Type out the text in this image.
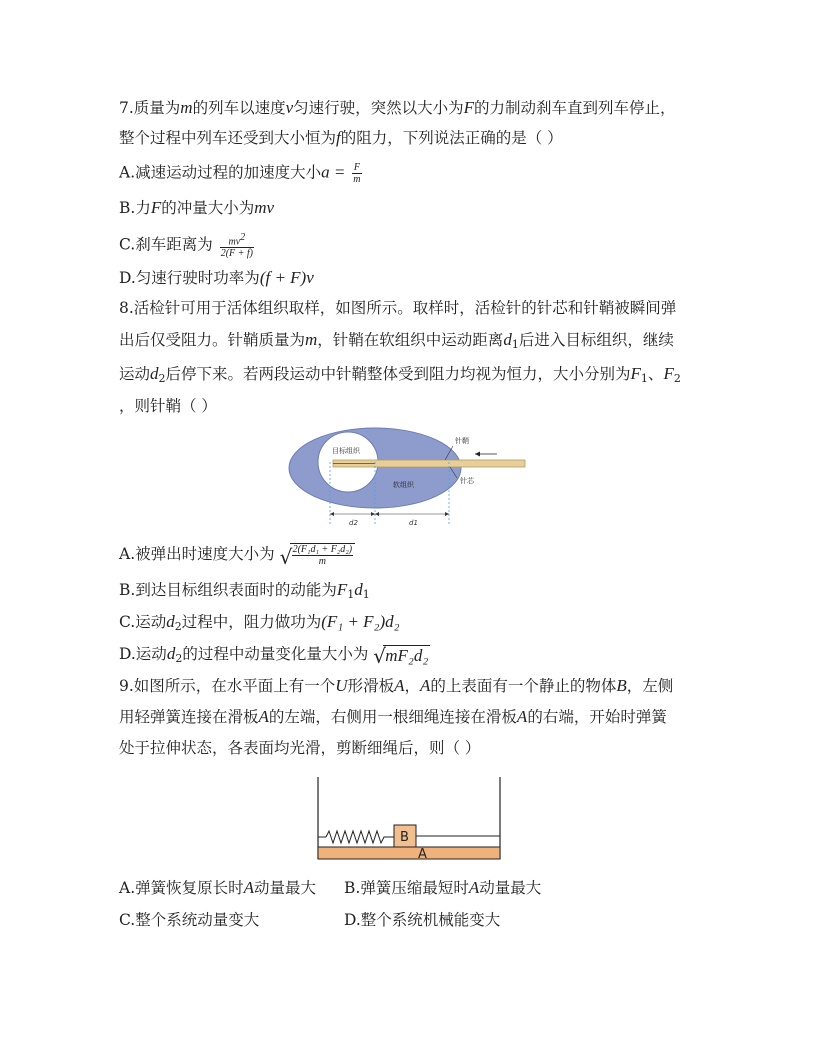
7.质量为m的列车以速度v匀速行驶，突然以大小为F的力制动刹车直到列车停止，
整个过程中列车还受到大小恒为f的阻力，下列说法正确的是（ ）
A.减速运动过程的加速度大小$a = \frac{F}{m}$
B.力F的冲量大小为mv
C.刹车距离为 $\frac{mv^2}{2(F + f)}$
D.匀速行驶时功率为(f + F)v
8.活检针可用于活体组织取样，如图所示。取样时，活检针的针芯和针鞘被瞬间弹
出后仅受阻力。针鞘质量为m，针鞘在软组织中运动距离$d_1$后进入目标组织，继续
运动$d_2$后停下来。若两段运动中针鞘整体受到阻力均视为恒力，大小分别为$F_1$、$F_2$
，则针鞘（ ）
目标组织
软组织
针鞘
针芯
d2	d1
A.被弹出时速度大小为 √ $\frac{\text{2(F₁d₁ + F₂d₂)}}{m}$
B.到达目标组织表面时的动能为$F_1d_1$
C.运动$d_2$过程中，阻力做功为(F₁ + F₂)d₂
D.运动$d_2$的过程中动量变化量大小为 √ mF₂d₂
9.如图所示，在水平面上有一个U形滑板A，A的上表面有一个静止的物体B，左侧
用轻弹簧连接在滑板A的左端，右侧用一根细绳连接在滑板A的右端，开始时弹簧
处于拉伸状态，各表面均光滑，剪断细绳后，则（ ）
B
A
A.弹簧恢复原长时A动量最大 B.弹簧压缩最短时A动量最大
C.整个系统动量变大	D.整个系统机械能变大
